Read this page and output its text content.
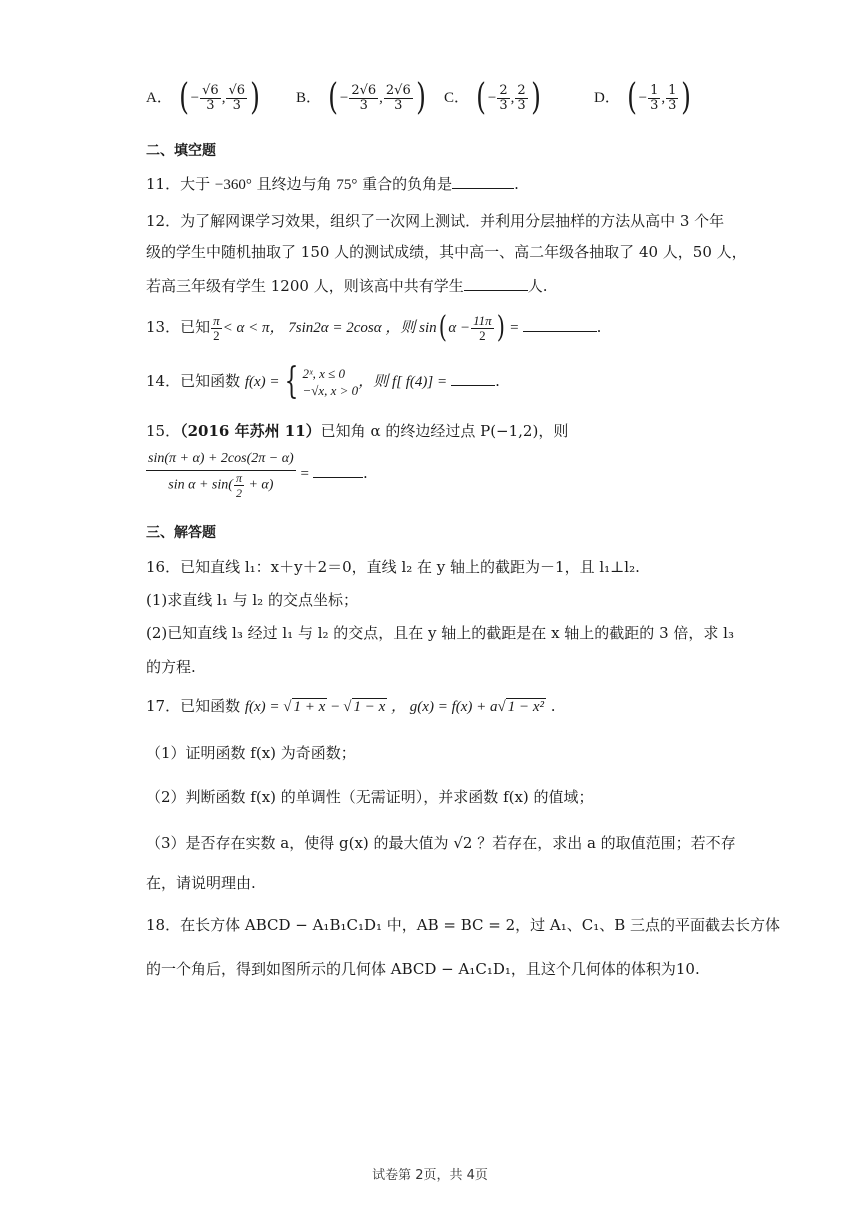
A． ( − $\frac{√6}{3}$ , $\frac{√6}{3}$ ) B． ( − $\frac{2√6}{3}$ , $\frac{2√6}{3}$ ) C． ( − $\frac{2}{3}$ , $\frac{2}{3}$ )	D． ( − $\frac{1}{3}$ , $\frac{1}{3}$ )
二、填空题
11．大于 −360° 且终边与角 75° 重合的负角是	.
12．为了解网课学习效果，组织了一次网上测试．并利用分层抽样的方法从高中 3 个年
级的学生中随机抽取了 150 人的测试成绩，其中高一、高二年级各抽取了 40 人，50 人，
若高三年级有学生 1200 人，则该高中共有学生	人.
13．已知 $\frac{\pi}{2} < \alpha < \pi$， 7sin2α = 2cosα ，则 sin( $\alpha - \frac{11\pi}{2}$ ) =	.
14．已知函数 f(x) = { 2ˣ, x ≤ 0
−√x, x > 0
，则 f[ f(4)] =	.
15．（2016 年苏州 11）已知角 α 的终边经过点 P(−1,2)，则
$\frac{\sin(\pi + \alpha) + 2\cos(2\pi - \alpha)}{\sin \alpha + \sin( \frac{\pi}{2} + \alpha)}$ =	.
三、解答题
16．已知直线 l₁：x＋y＋2＝0，直线 l₂ 在 y 轴上的截距为－1，且 l₁⊥l₂.
(1)求直线 l₁ 与 l₂ 的交点坐标；
(2)已知直线 l₃ 经过 l₁ 与 l₂ 的交点，且在 y 轴上的截距是在 x 轴上的截距的 3 倍，求 l₃
的方程.
17．已知函数 f(x) = √ 1 + x − √ 1 − x ， g(x) = f(x) + a√ 1 − x² .
（1）证明函数 f(x) 为奇函数；
（2）判断函数 f(x) 的单调性（无需证明），并求函数 f(x) 的值域；
（3）是否存在实数 a，使得 g(x) 的最大值为 √2 ？若存在，求出 a 的取值范围；若不存
在，请说明理由.
18．在长方体 ABCD − A₁B₁C₁D₁ 中，AB = BC = 2，过 A₁、C₁、B 三点的平面截去长方体
的一个角后，得到如图所示的几何体 ABCD − A₁C₁D₁，且这个几何体的体积为10.
试卷第 2页，共 4页
